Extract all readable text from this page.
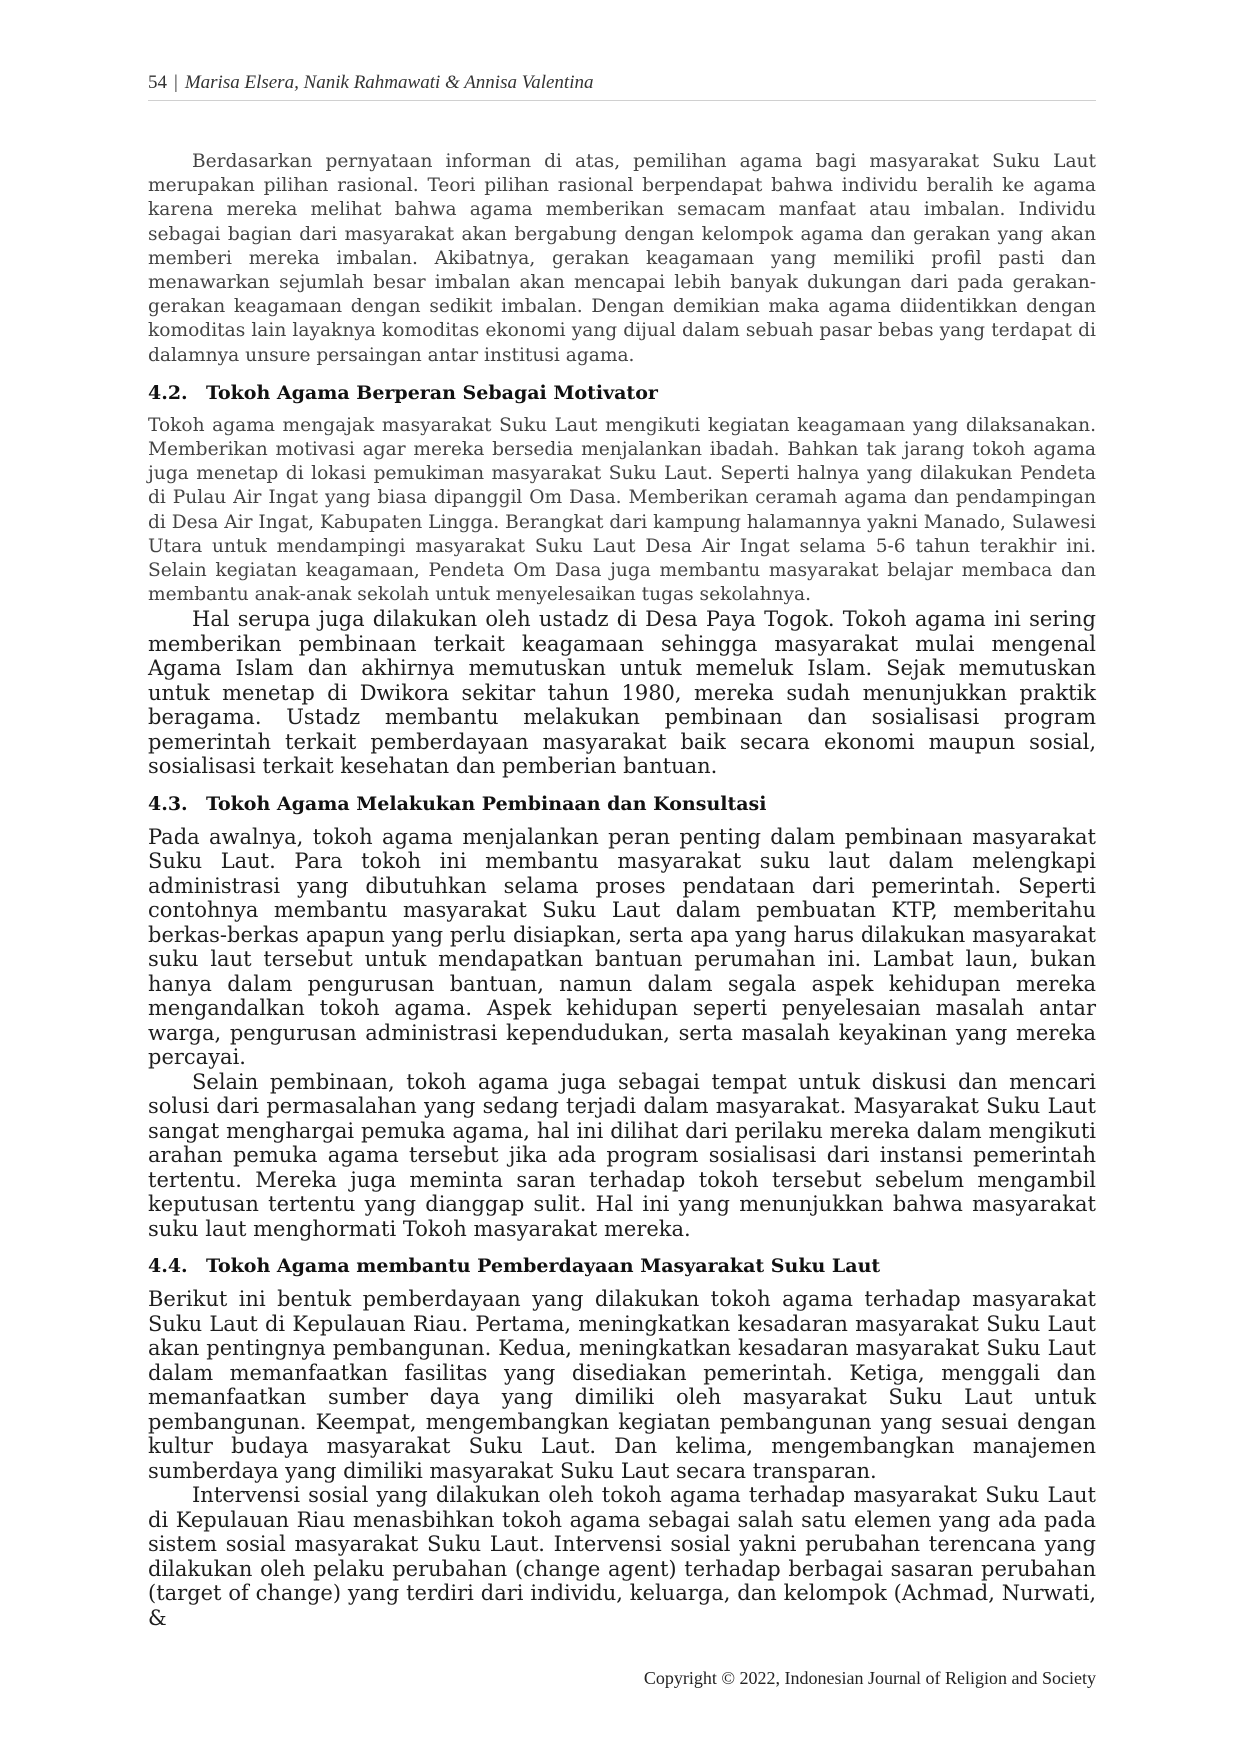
54 | Marisa Elsera, Nanik Rahmawati & Annisa Valentina

Berdasarkan pernyataan informan di atas, pemilihan agama bagi masyarakat Suku Laut merupakan pilihan rasional. Teori pilihan rasional berpendapat bahwa individu beralih ke agama karena mereka melihat bahwa agama memberikan semacam manfaat atau imbalan. Individu sebagai bagian dari masyarakat akan bergabung dengan kelompok agama dan gerakan yang akan memberi mereka imbalan. Akibatnya, gerakan keagamaan yang memiliki profil pasti dan menawarkan sejumlah besar imbalan akan mencapai lebih banyak dukungan dari pada gerakan-gerakan keagamaan dengan sedikit imbalan. Dengan demikian maka agama diidentikkan dengan komoditas lain layaknya komoditas ekonomi yang dijual dalam sebuah pasar bebas yang terdapat di dalamnya unsure persaingan antar institusi agama.

4.2. Tokoh Agama Berperan Sebagai Motivator

Tokoh agama mengajak masyarakat Suku Laut mengikuti kegiatan keagamaan yang dilaksanakan. Memberikan motivasi agar mereka bersedia menjalankan ibadah. Bahkan tak jarang tokoh agama juga menetap di lokasi pemukiman masyarakat Suku Laut. Seperti halnya yang dilakukan Pendeta di Pulau Air Ingat yang biasa dipanggil Om Dasa. Memberikan ceramah agama dan pendampingan di Desa Air Ingat, Kabupaten Lingga. Berangkat dari kampung halamannya yakni Manado, Sulawesi Utara untuk mendampingi masyarakat Suku Laut Desa Air Ingat selama 5-6 tahun terakhir ini. Selain kegiatan keagamaan, Pendeta Om Dasa juga membantu masyarakat belajar membaca dan membantu anak-anak sekolah untuk menyelesaikan tugas sekolahnya.

Hal serupa juga dilakukan oleh ustadz di Desa Paya Togok. Tokoh agama ini sering memberikan pembinaan terkait keagamaan sehingga masyarakat mulai mengenal Agama Islam dan akhirnya memutuskan untuk memeluk Islam. Sejak memutuskan untuk menetap di Dwikora sekitar tahun 1980, mereka sudah menunjukkan praktik beragama. Ustadz membantu melakukan pembinaan dan sosialisasi program pemerintah terkait pemberdayaan masyarakat baik secara ekonomi maupun sosial, sosialisasi terkait kesehatan dan pemberian bantuan.

4.3. Tokoh Agama Melakukan Pembinaan dan Konsultasi

Pada awalnya, tokoh agama menjalankan peran penting dalam pembinaan masyarakat Suku Laut. Para tokoh ini membantu masyarakat suku laut dalam melengkapi administrasi yang dibutuhkan selama proses pendataan dari pemerintah. Seperti contohnya membantu masyarakat Suku Laut dalam pembuatan KTP, memberitahu berkas-berkas apapun yang perlu disiapkan, serta apa yang harus dilakukan masyarakat suku laut tersebut untuk mendapatkan bantuan perumahan ini. Lambat laun, bukan hanya dalam pengurusan bantuan, namun dalam segala aspek kehidupan mereka mengandalkan tokoh agama. Aspek kehidupan seperti penyelesaian masalah antar warga, pengurusan administrasi kependudukan, serta masalah keyakinan yang mereka percayai.

Selain pembinaan, tokoh agama juga sebagai tempat untuk diskusi dan mencari solusi dari permasalahan yang sedang terjadi dalam masyarakat. Masyarakat Suku Laut sangat menghargai pemuka agama, hal ini dilihat dari perilaku mereka dalam mengikuti arahan pemuka agama tersebut jika ada program sosialisasi dari instansi pemerintah tertentu. Mereka juga meminta saran terhadap tokoh tersebut sebelum mengambil keputusan tertentu yang dianggap sulit. Hal ini yang menunjukkan bahwa masyarakat suku laut menghormati Tokoh masyarakat mereka.

4.4. Tokoh Agama membantu Pemberdayaan Masyarakat Suku Laut

Berikut ini bentuk pemberdayaan yang dilakukan tokoh agama terhadap masyarakat Suku Laut di Kepulauan Riau. Pertama, meningkatkan kesadaran masyarakat Suku Laut akan pentingnya pembangunan. Kedua, meningkatkan kesadaran masyarakat Suku Laut dalam memanfaatkan fasilitas yang disediakan pemerintah. Ketiga, menggali dan memanfaatkan sumber daya yang dimiliki oleh masyarakat Suku Laut untuk pembangunan. Keempat, mengembangkan kegiatan pembangunan yang sesuai dengan kultur budaya masyarakat Suku Laut. Dan kelima, mengembangkan manajemen sumberdaya yang dimiliki masyarakat Suku Laut secara transparan.

Intervensi sosial yang dilakukan oleh tokoh agama terhadap masyarakat Suku Laut di Kepulauan Riau menasbihkan tokoh agama sebagai salah satu elemen yang ada pada sistem sosial masyarakat Suku Laut. Intervensi sosial yakni perubahan terencana yang dilakukan oleh pelaku perubahan (change agent) terhadap berbagai sasaran perubahan (target of change) yang terdiri dari individu, keluarga, dan kelompok (Achmad, Nurwati, &

Copyright © 2022, Indonesian Journal of Religion and Society
